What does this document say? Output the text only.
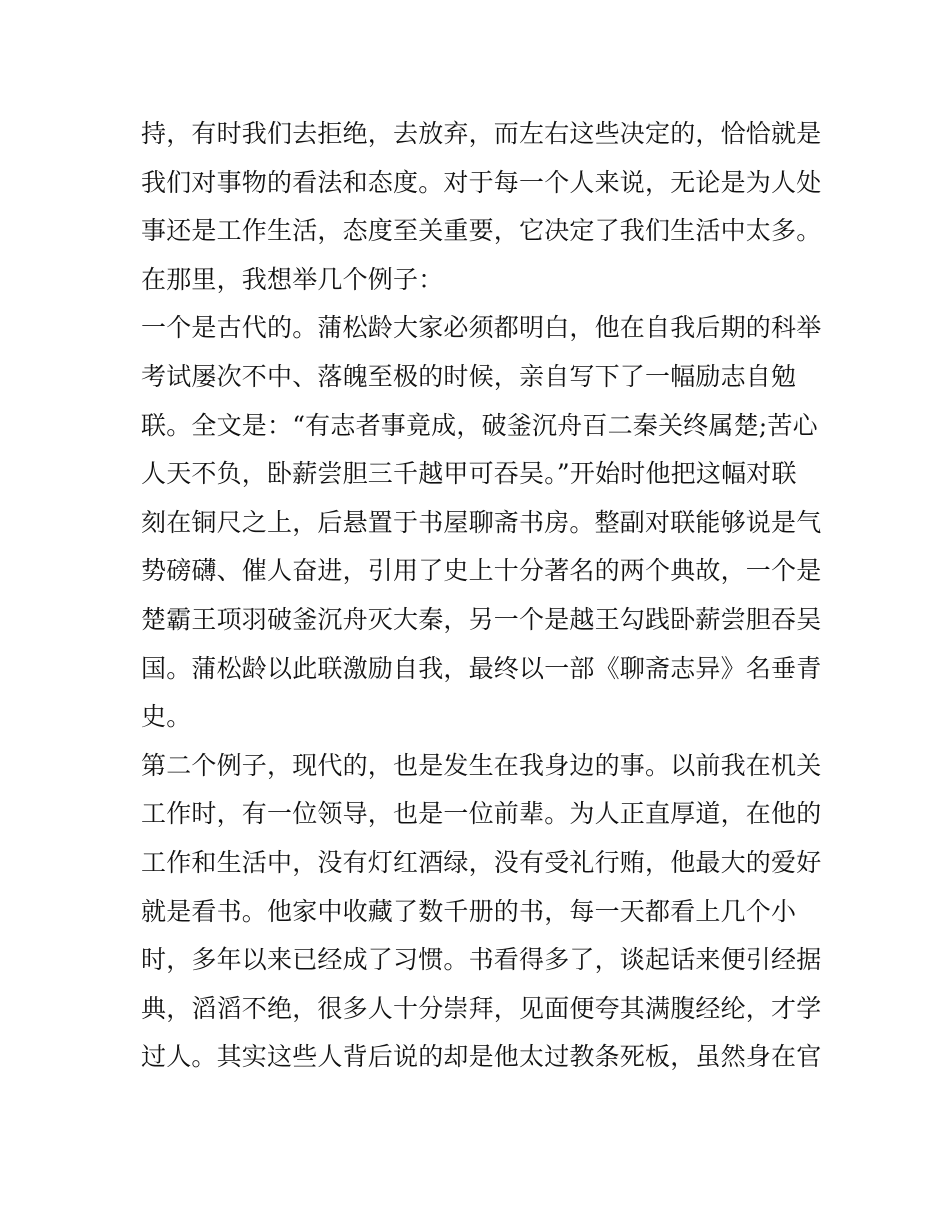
持，有时我们去拒绝，去放弃，而左右这些决定的，恰恰就是
我们对事物的看法和态度。对于每一个人来说，无论是为人处
事还是工作生活，态度至关重要，它决定了我们生活中太多。
在那里，我想举几个例子：
一个是古代的。蒲松龄大家必须都明白，他在自我后期的科举
考试屡次不中、落魄至极的时候，亲自写下了一幅励志自勉
联。全文是：“有志者事竟成，破釜沉舟百二秦关终属楚;苦心
人天不负，卧薪尝胆三千越甲可吞吴。”开始时他把这幅对联
刻在铜尺之上，后悬置于书屋聊斋书房。整副对联能够说是气
势磅礴、催人奋进，引用了史上十分著名的两个典故，一个是
楚霸王项羽破釜沉舟灭大秦，另一个是越王勾践卧薪尝胆吞吴
国。蒲松龄以此联激励自我，最终以一部《聊斋志异》名垂青
史。
第二个例子，现代的，也是发生在我身边的事。以前我在机关
工作时，有一位领导，也是一位前辈。为人正直厚道，在他的
工作和生活中，没有灯红酒绿，没有受礼行贿，他最大的爱好
就是看书。他家中收藏了数千册的书，每一天都看上几个小
时，多年以来已经成了习惯。书看得多了，谈起话来便引经据
典，滔滔不绝，很多人十分崇拜，见面便夸其满腹经纶，才学
过人。其实这些人背后说的却是他太过教条死板，虽然身在官
